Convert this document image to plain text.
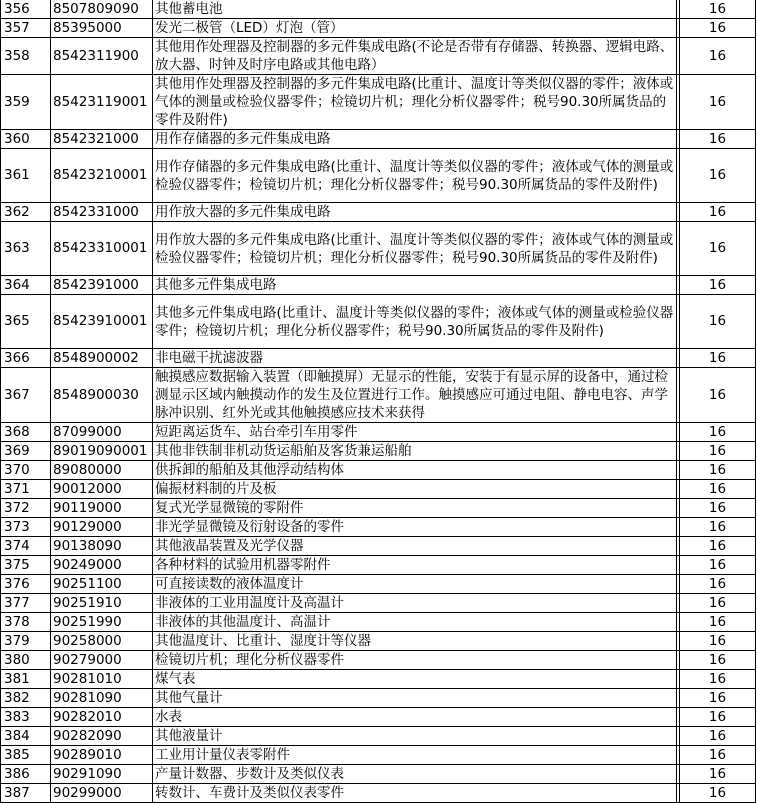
356	8507809090	其他蓄电池		16
357	85395000	发光二极管（LED）灯泡（管）		16
358	8542311900	其他用作处理器及控制器的多元件集成电路(不论是否带有存储器、转换器、逻辑电路、放大器、时钟及时序电路或其他电路）		16
359	85423119001	其他用作处理器及控制器的多元件集成电路(比重计、温度计等类似仪器的零件；液体或气体的测量或检验仪器零件；检镜切片机；理化分析仪器零件；税号90.30所属货品的零件及附件)		16
360	8542321000	用作存储器的多元件集成电路		16
361	85423210001	用作存储器的多元件集成电路(比重计、温度计等类似仪器的零件；液体或气体的测量或检验仪器零件；检镜切片机；理化分析仪器零件；税号90.30所属货品的零件及附件)		16
362	8542331000	用作放大器的多元件集成电路		16
363	85423310001	用作放大器的多元件集成电路(比重计、温度计等类似仪器的零件；液体或气体的测量或检验仪器零件；检镜切片机；理化分析仪器零件；税号90.30所属货品的零件及附件)		16
364	8542391000	其他多元件集成电路		16
365	85423910001	其他多元件集成电路(比重计、温度计等类似仪器的零件；液体或气体的测量或检验仪器零件；检镜切片机；理化分析仪器零件；税号90.30所属货品的零件及附件)		16
366	8548900002	非电磁干扰滤波器		16
367	8548900030	触摸感应数据输入装置（即触摸屏）无显示的性能，安装于有显示屏的设备中，通过检测显示区域内触摸动作的发生及位置进行工作。触摸感应可通过电阻、静电电容、声学脉冲识别、红外光或其他触摸感应技术来获得		16
368	87099000	短距离运货车、站台牵引车用零件		16
369	89019090001	其他非铁制非机动货运船舶及客货兼运船舶		16
370	89080000	供拆卸的船舶及其他浮动结构体		16
371	90012000	偏振材料制的片及板		16
372	90119000	复式光学显微镜的零附件		16
373	90129000	非光学显微镜及衍射设备的零件		16
374	90138090	其他液晶装置及光学仪器		16
375	90249000	各种材料的试验用机器零附件		16
376	90251100	可直接读数的液体温度计		16
377	90251910	非液体的工业用温度计及高温计		16
378	90251990	非液体的其他温度计、高温计		16
379	90258000	其他温度计、比重计、湿度计等仪器		16
380	90279000	检镜切片机；理化分析仪器零件		16
381	90281010	煤气表		16
382	90281090	其他气量计		16
383	90282010	水表		16
384	90282090	其他液量计		16
385	90289010	工业用计量仪表零附件		16
386	90291090	产量计数器、步数计及类似仪表		16
387	90299000	转数计、车费计及类似仪表零件		16
